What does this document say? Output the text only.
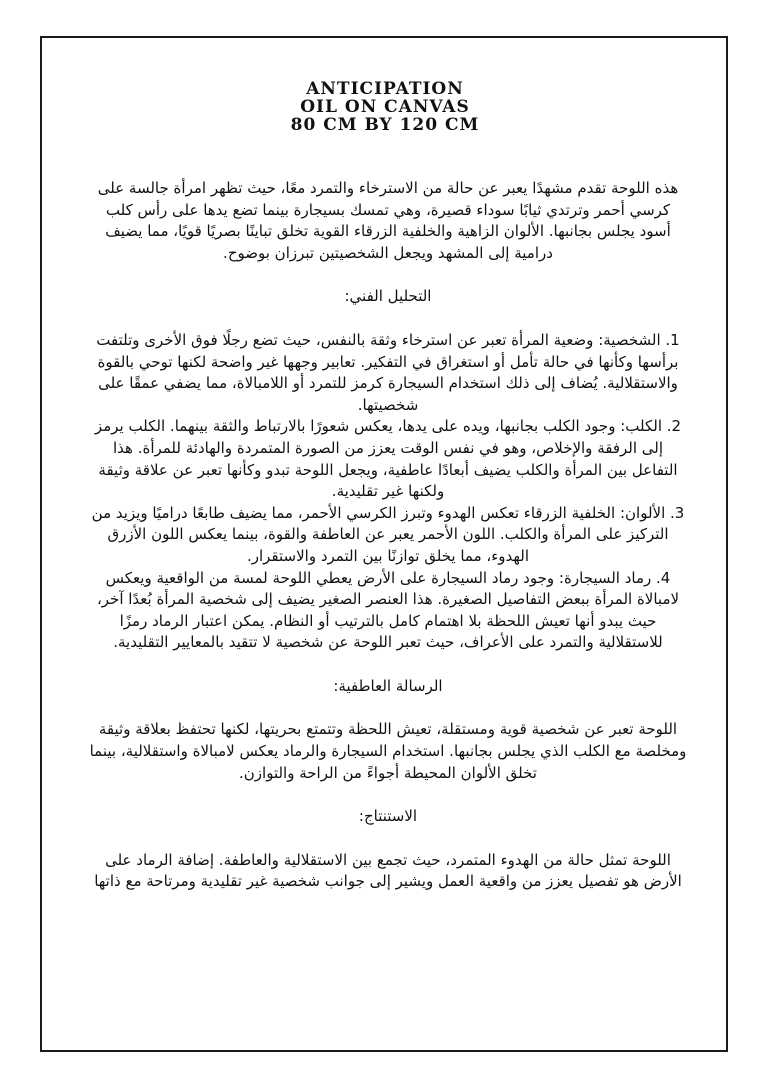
ANTICIPATION
OIL ON CANVAS
80 CM BY 120 CM

هذه اللوحة تقدم مشهدًا يعبر عن حالة من الاسترخاء والتمرد معًا، حيث تظهر امرأة جالسة على كرسي أحمر وترتدي ثيابًا سوداء قصيرة، وهي تمسك بسيجارة بينما تضع يدها على رأس كلب أسود يجلس بجانبها. الألوان الزاهية والخلفية الزرقاء القوية تخلق تباينًا بصريًا قويًا، مما يضيف درامية إلى المشهد ويجعل الشخصيتين تبرزان بوضوح.

التحليل الفني:

1. الشخصية: وضعية المرأة تعبر عن استرخاء وثقة بالنفس، حيث تضع رجلًا فوق الأخرى وتلتفت برأسها وكأنها في حالة تأمل أو استغراق في التفكير. تعابير وجهها غير واضحة لكنها توحي بالقوة والاستقلالية. يُضاف إلى ذلك استخدام السيجارة كرمز للتمرد أو اللامبالاة، مما يضفي عمقًا على شخصيتها.
2. الكلب: وجود الكلب بجانبها، ويده على يدها، يعكس شعورًا بالارتباط والثقة بينهما. الكلب يرمز إلى الرفقة والإخلاص، وهو في نفس الوقت يعزز من الصورة المتمردة والهادئة للمرأة. هذا التفاعل بين المرأة والكلب يضيف أبعادًا عاطفية، ويجعل اللوحة تبدو وكأنها تعبر عن علاقة وثيقة ولكنها غير تقليدية.
3. الألوان: الخلفية الزرقاء تعكس الهدوء وتبرز الكرسي الأحمر، مما يضيف طابعًا دراميًا ويزيد من التركيز على المرأة والكلب. اللون الأحمر يعبر عن العاطفة والقوة، بينما يعكس اللون الأزرق الهدوء، مما يخلق توازنًا بين التمرد والاستقرار.
4. رماد السيجارة: وجود رماد السيجارة على الأرض يعطي اللوحة لمسة من الواقعية ويعكس لامبالاة المرأة ببعض التفاصيل الصغيرة. هذا العنصر الصغير يضيف إلى شخصية المرأة بُعدًا آخر، حيث يبدو أنها تعيش اللحظة بلا اهتمام كامل بالترتيب أو النظام. يمكن اعتبار الرماد رمزًا للاستقلالية والتمرد على الأعراف، حيث تعبر اللوحة عن شخصية لا تتقيد بالمعايير التقليدية.

الرسالة العاطفية:

اللوحة تعبر عن شخصية قوية ومستقلة، تعيش اللحظة وتتمتع بحريتها، لكنها تحتفظ بعلاقة وثيقة ومخلصة مع الكلب الذي يجلس بجانبها. استخدام السيجارة والرماد يعكس لامبالاة واستقلالية، بينما تخلق الألوان المحيطة أجواءً من الراحة والتوازن.

الاستنتاج:

اللوحة تمثل حالة من الهدوء المتمرد، حيث تجمع بين الاستقلالية والعاطفة. إضافة الرماد على الأرض هو تفصيل يعزز من واقعية العمل ويشير إلى جوانب شخصية غير تقليدية ومرتاحة مع ذاتها
